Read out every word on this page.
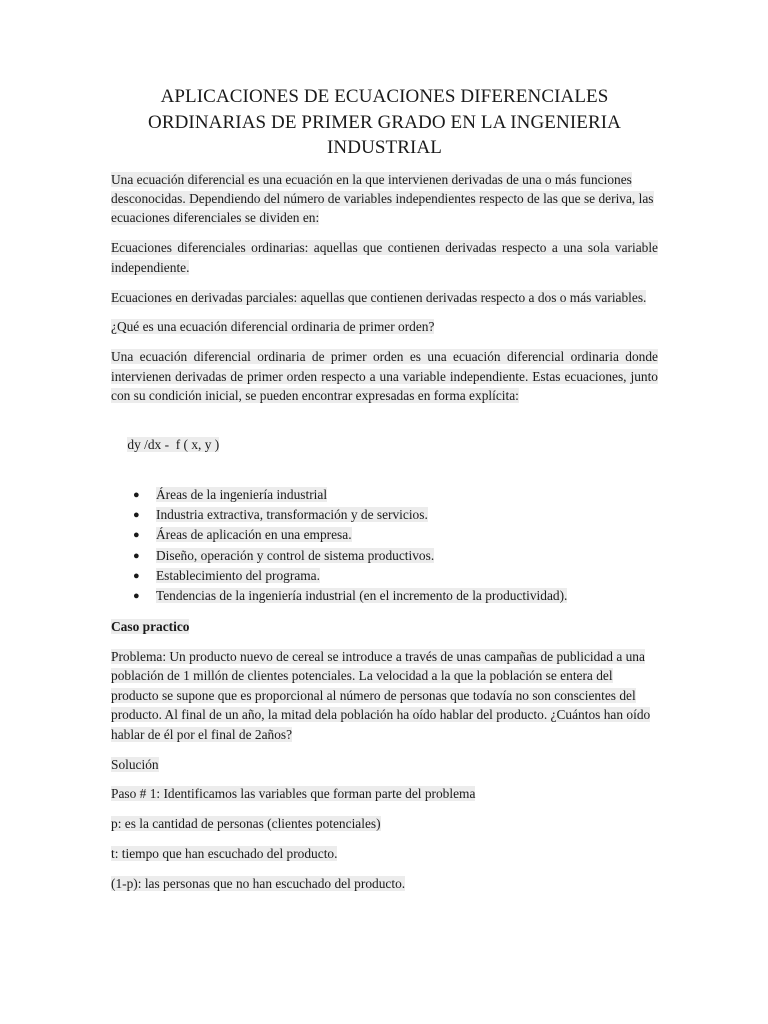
APLICACIONES DE ECUACIONES DIFERENCIALES ORDINARIAS DE PRIMER GRADO EN LA INGENIERIA INDUSTRIAL

Una ecuación diferencial es una ecuación en la que intervienen derivadas de una o más funciones desconocidas. Dependiendo del número de variables independientes respecto de las que se deriva, las ecuaciones diferenciales se dividen en:

Ecuaciones diferenciales ordinarias: aquellas que contienen derivadas respecto a una sola variable independiente.

Ecuaciones en derivadas parciales: aquellas que contienen derivadas respecto a dos o más variables.

¿Qué es una ecuación diferencial ordinaria de primer orden?

Una ecuación diferencial ordinaria de primer orden es una ecuación diferencial ordinaria donde intervienen derivadas de primer orden respecto a una variable independiente. Estas ecuaciones, junto con su condición inicial, se pueden encontrar expresadas en forma explícita:

dy /dx -  f ( x, y )

● Áreas de la ingeniería industrial
● Industria extractiva, transformación y de servicios.
● Áreas de aplicación en una empresa.
● Diseño, operación y control de sistema productivos.
● Establecimiento del programa.
● Tendencias de la ingeniería industrial (en el incremento de la productividad).

Caso practico

Problema: Un producto nuevo de cereal se introduce a través de unas campañas de publicidad a una población de 1 millón de clientes potenciales. La velocidad a la que la población se entera del producto se supone que es proporcional al número de personas que todavía no son conscientes del producto. Al final de un año, la mitad dela población ha oído hablar del producto. ¿Cuántos han oído hablar de él por el final de 2años?

Solución

Paso # 1: Identificamos las variables que forman parte del problema

p: es la cantidad de personas (clientes potenciales)

t: tiempo que han escuchado del producto.

(1-p): las personas que no han escuchado del producto.
